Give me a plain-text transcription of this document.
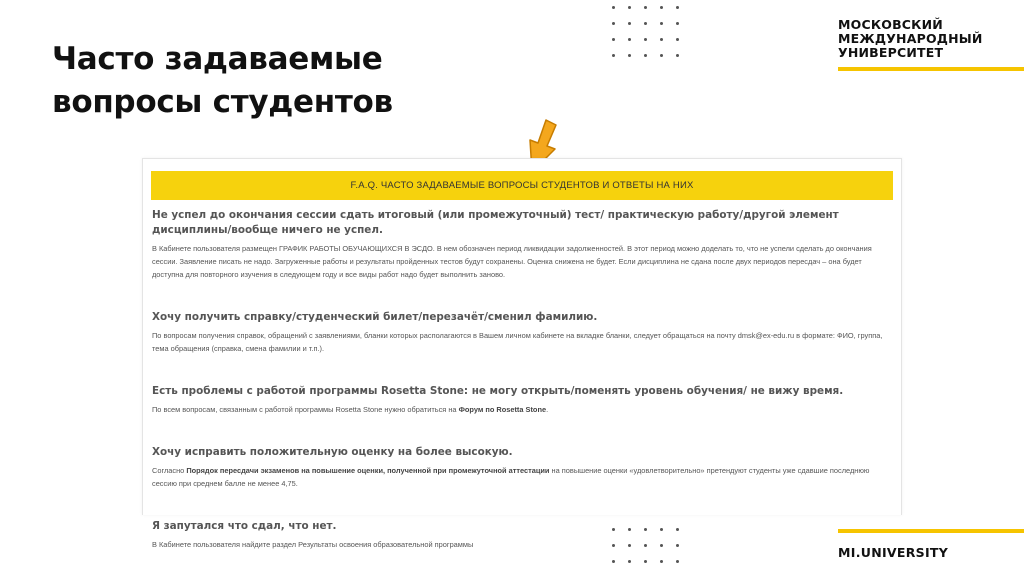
Часто задаваемые
вопросы студентов
МОСКОВСКИЙ
МЕЖДУНАРОДНЫЙ
УНИВЕРСИТЕТ
MI.UNIVERSITY
F.A.Q. ЧАСТО ЗАДАВАЕМЫЕ ВОПРОСЫ СТУДЕНТОВ И ОТВЕТЫ НА НИХ

Не успел до окончания сессии сдать итоговый (или промежуточный) тест/ практическую работу/другой элемент дисциплины/вообще ничего не успел.

В Кабинете пользователя размещен ГРАФИК РАБОТЫ ОБУЧАЮЩИХСЯ В ЭСДО. В нем обозначен период ликвидации задолженностей. В этот период можно доделать то, что не успели сделать до окончания сессии. Заявление писать не надо. Загруженные работы и результаты пройденных тестов будут сохранены. Оценка снижена не будет. Если дисциплина не сдана после двух периодов пересдач – она будет доступна для повторного изучения в следующем году и все виды работ надо будет выполнить заново.

Хочу получить справку/студенческий билет/перезачёт/сменил фамилию.

По вопросам получения справок, обращений с заявлениями, бланки которых располагаются в Вашем личном кабинете на вкладке бланки, следует обращаться на почту dmsk@ex-edu.ru в формате: ФИО, группа, тема обращения (справка, смена фамилии и т.п.).

Есть проблемы с работой программы Rosetta Stone: не могу открыть/поменять уровень обучения/ не вижу время.

По всем вопросам, связанным с работой программы Rosetta Stone нужно обратиться на Форум по Rosetta Stone.

Хочу исправить положительную оценку на более высокую.

Согласно Порядок пересдачи экзаменов на повышение оценки, полученной при промежуточной аттестации на повышение оценки «удовлетворительно» претендуют студенты уже сдавшие последнюю сессию при среднем балле не менее 4,75.

Я запутался что сдал, что нет.

В Кабинете пользователя найдите раздел Результаты освоения образовательной программы
